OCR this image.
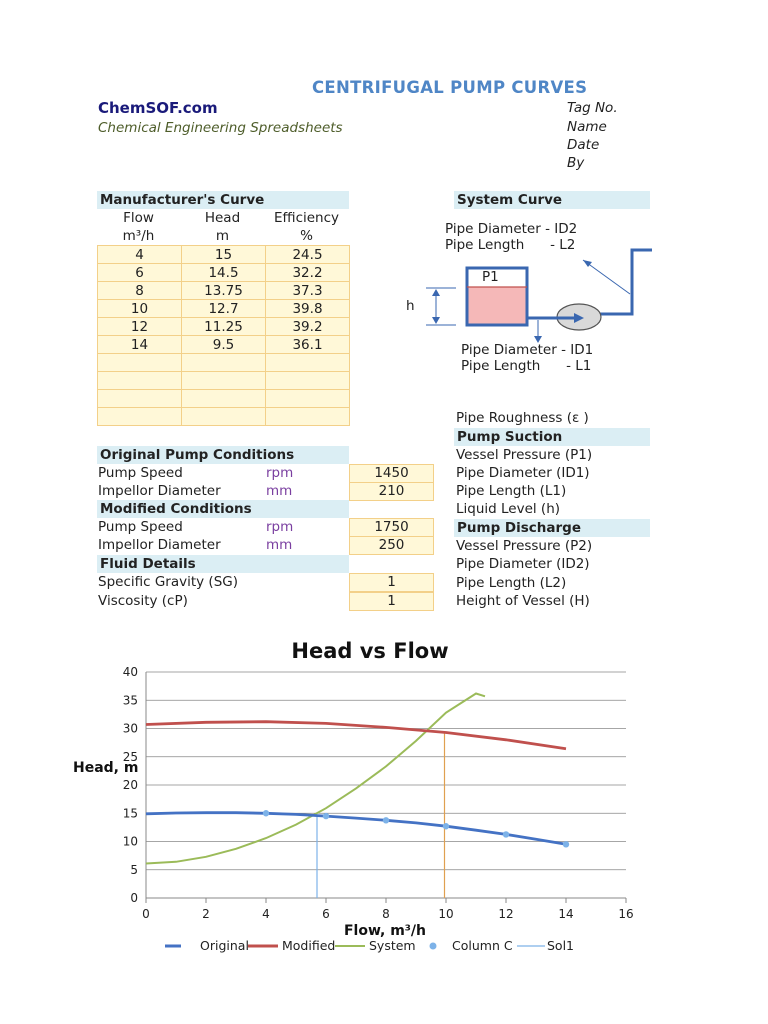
CENTRIFUGAL PUMP CURVES
ChemSOF.com
Chemical Engineering Spreadsheets
Tag No.
Name
Date
By
Manufacturer's Curve
Flow	Head	Efficiency
m³/h	m	%
4	15	24.5
6	14.5	32.2
8	13.75	37.3
10	12.7	39.8
12	11.25	39.2
14	9.5	36.1

Original Pump Conditions
Pump Speed	rpm	1450
Impellor Diameter	mm	210
Modified Conditions
Pump Speed	rpm	1750
Impellor Diameter	mm	250
Fluid Details
Specific Gravity (SG)	1
Viscosity (cP)	1
System Curve
Pipe Diameter - ID2
Pipe Length      - L2
P1
h
Pipe Diameter - ID1
Pipe Length      - L1
Pipe Roughness (ε )
Pump Suction
Vessel Pressure (P1)
Pipe Diameter (ID1)
Pipe Length (L1)
Liquid Level (h)
Pump Discharge
Vessel Pressure (P2)
Pipe Diameter (ID2)
Pipe Length (L2)
Height of Vessel (H)
Head vs Flow
Head, m
Flow, m³/h
0
5
10
15
20
25
30
35
40
0	2	4	6	8	10	12	14	16
Original	Modified	System	Column C	Sol1
